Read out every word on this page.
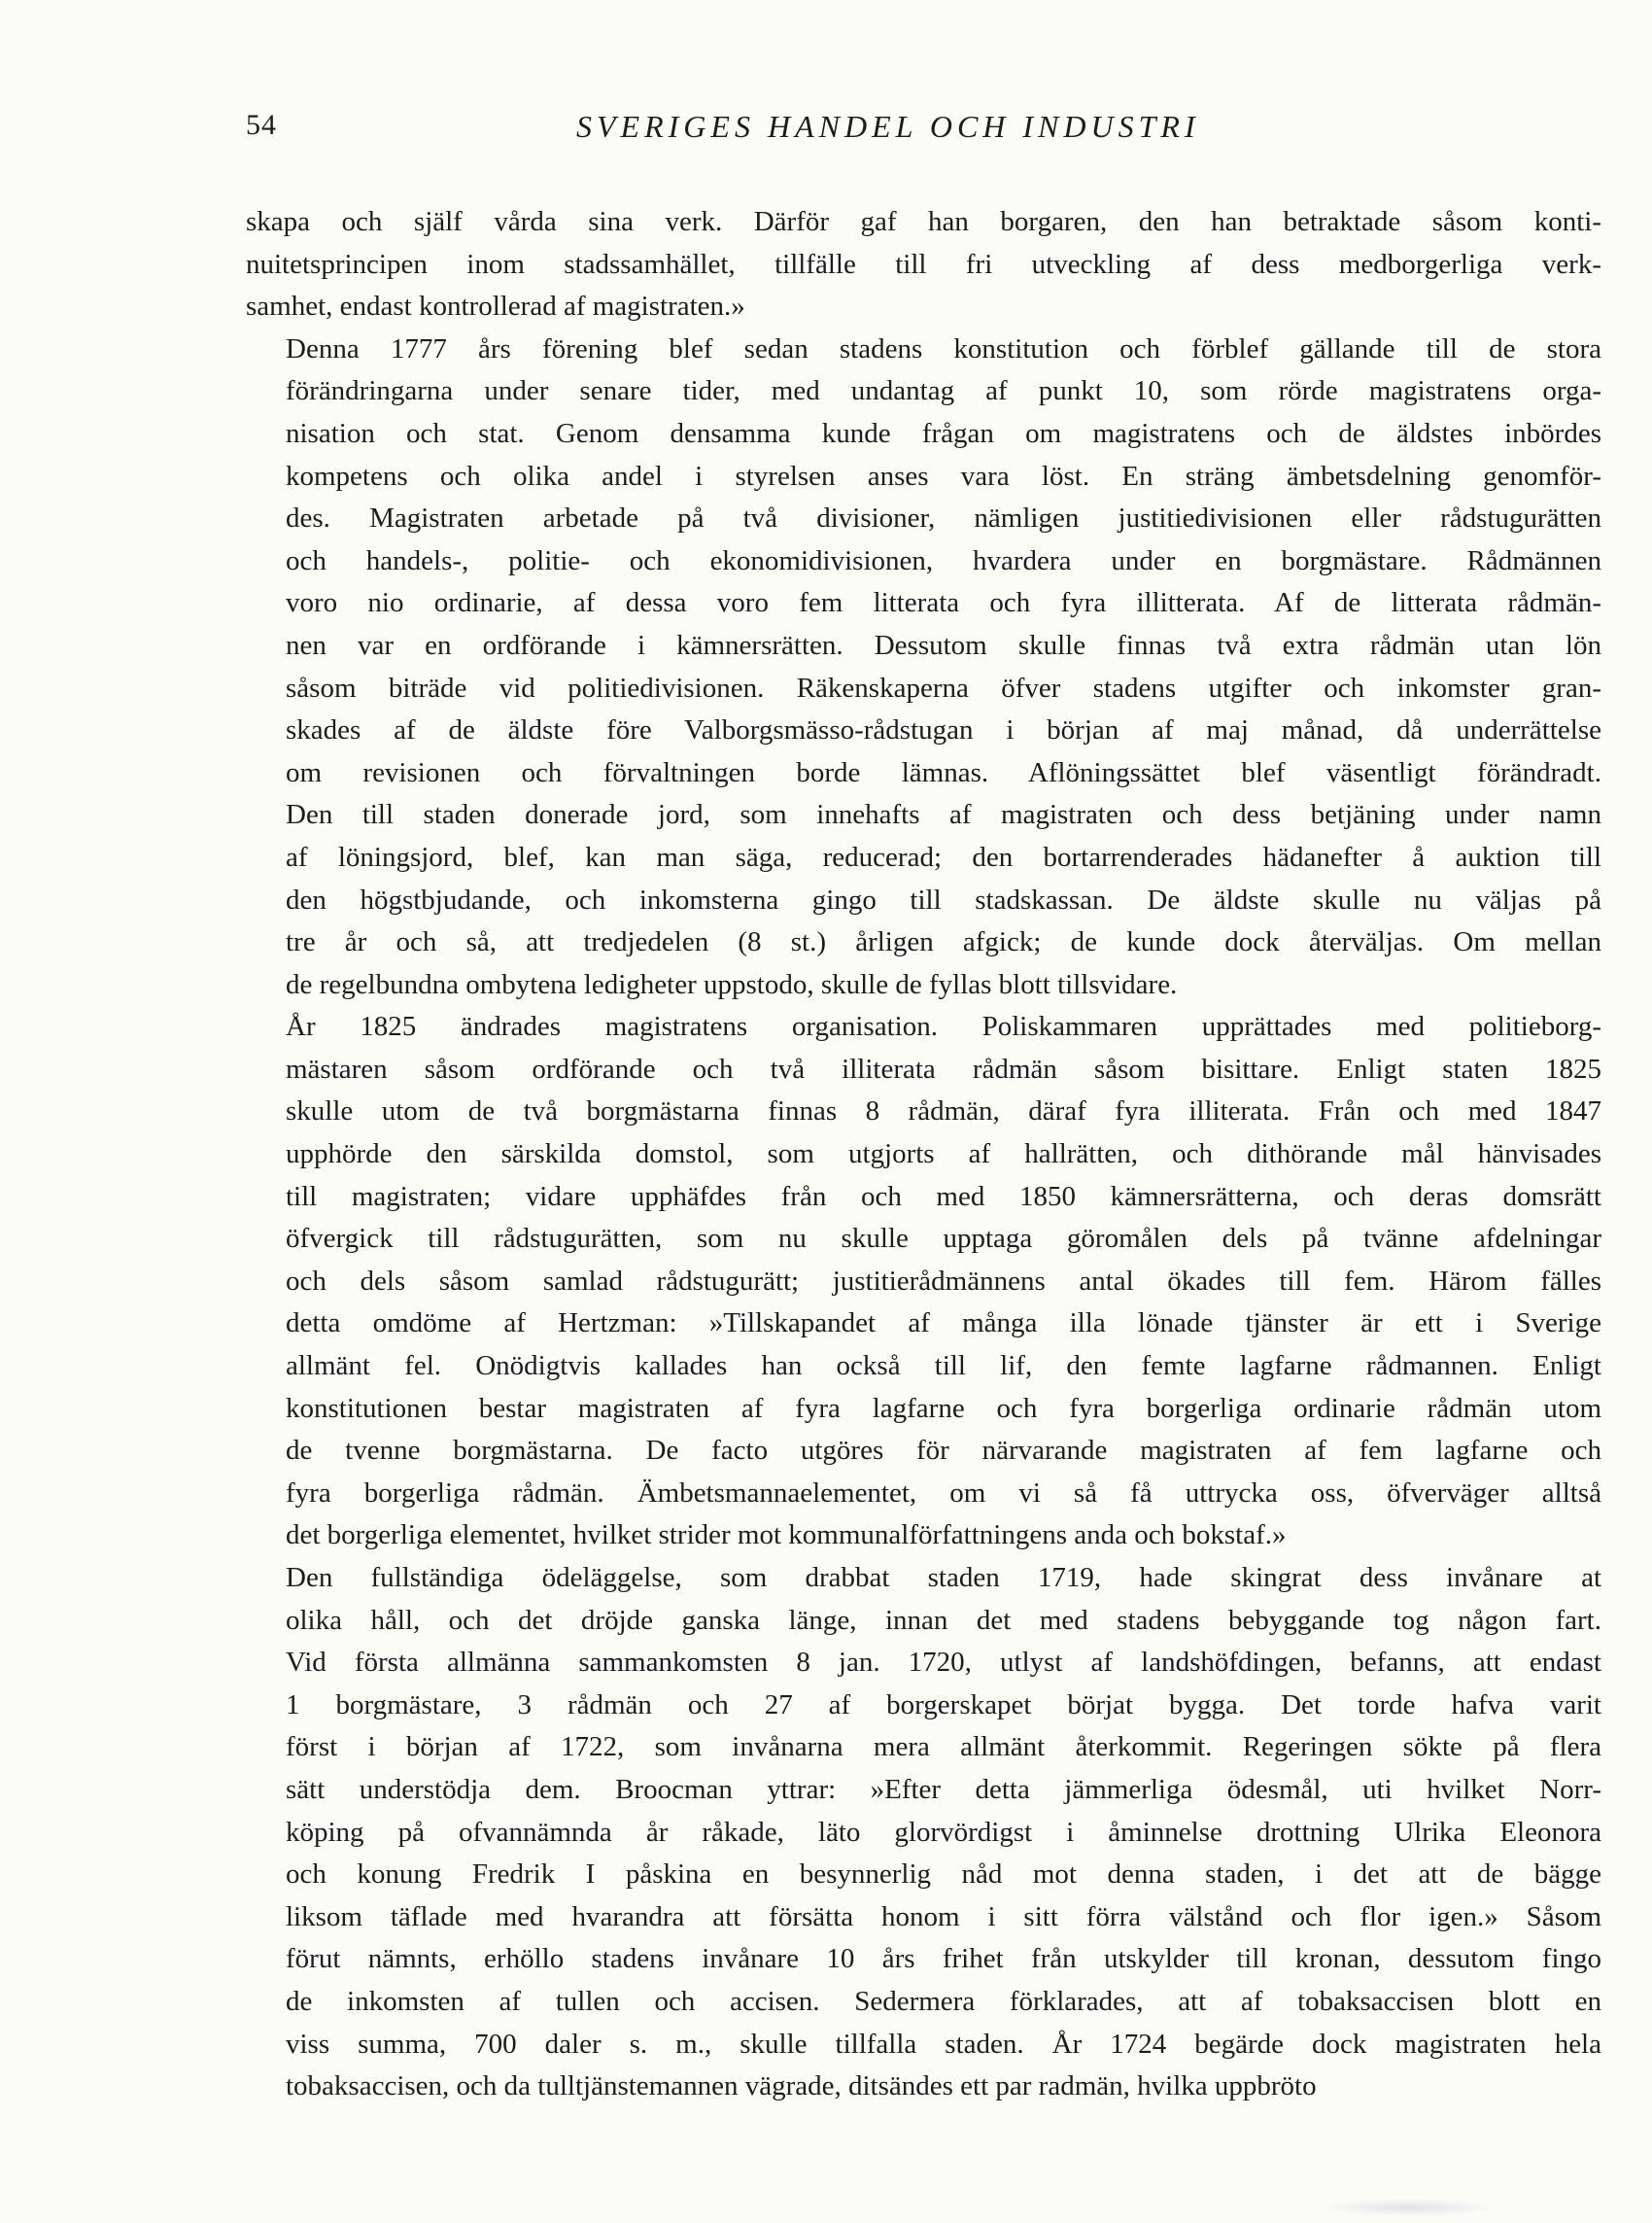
54	SVERIGES HANDEL OCH INDUSTRI

skapa och själf vårda sina verk. Därför gaf han borgaren, den han betraktade såsom konti-
nuitetsprincipen inom stadssamhället, tillfälle till fri utveckling af dess medborgerliga verk-
samhet, endast kontrollerad af magistraten.»

Denna 1777 års förening blef sedan stadens konstitution och förblef gällande till de stora
förändringarna under senare tider, med undantag af punkt 10, som rörde magistratens orga-
nisation och stat. Genom densamma kunde frågan om magistratens och de äldstes inbördes
kompetens och olika andel i styrelsen anses vara löst. En sträng ämbetsdelning genomför-
des. Magistraten arbetade på två divisioner, nämligen justitiedivisionen eller rådstugurätten
och handels-, politie- och ekonomidivisionen, hvardera under en borgmästare. Rådmännen
voro nio ordinarie, af dessa voro fem litterata och fyra illitterata. Af de litterata rådmän-
nen var en ordförande i kämnersrätten. Dessutom skulle finnas två extra rådmän utan lön
såsom biträde vid politiedivisionen. Räkenskaperna öfver stadens utgifter och inkomster gran-
skades af de äldste före Valborgsmässo-rådstugan i början af maj månad, då underrättelse
om revisionen och förvaltningen borde lämnas. Aflöningssättet blef väsentligt förändradt.
Den till staden donerade jord, som innehafts af magistraten och dess betjäning under namn
af löningsjord, blef, kan man säga, reducerad; den bortarrenderades hädanefter å auktion till
den högstbjudande, och inkomsterna gingo till stadskassan. De äldste skulle nu väljas på
tre år och så, att tredjedelen (8 st.) årligen afgick; de kunde dock återväljas. Om mellan
de regelbundna ombytena ledigheter uppstodo, skulle de fyllas blott tillsvidare.

År 1825 ändrades magistratens organisation. Poliskammaren upprättades med politieborg-
mästaren såsom ordförande och två illiterata rådmän såsom bisittare. Enligt staten 1825
skulle utom de två borgmästarna finnas 8 rådmän, däraf fyra illiterata. Från och med 1847
upphörde den särskilda domstol, som utgjorts af hallrätten, och dithörande mål hänvisades
till magistraten; vidare upphäfdes från och med 1850 kämnersrätterna, och deras domsrätt
öfvergick till rådstugurätten, som nu skulle upptaga göromålen dels på tvänne afdelningar
och dels såsom samlad rådstugurätt; justitierådmännens antal ökades till fem. Härom fälles
detta omdöme af Hertzman: »Tillskapandet af många illa lönade tjänster är ett i Sverige
allmänt fel. Onödigtvis kallades han också till lif, den femte lagfarne rådmannen. Enligt
konstitutionen bestar magistraten af fyra lagfarne och fyra borgerliga ordinarie rådmän utom
de tvenne borgmästarna. De facto utgöres för närvarande magistraten af fem lagfarne och
fyra borgerliga rådmän. Ämbetsmannaelementet, om vi så få uttrycka oss, öfverväger alltså
det borgerliga elementet, hvilket strider mot kommunalförfattningens anda och bokstaf.»

Den fullständiga ödeläggelse, som drabbat staden 1719, hade skingrat dess invånare at
olika håll, och det dröjde ganska länge, innan det med stadens bebyggande tog någon fart.
Vid första allmänna sammankomsten 8 jan. 1720, utlyst af landshöfdingen, befanns, att endast
1 borgmästare, 3 rådmän och 27 af borgerskapet börjat bygga. Det torde hafva varit
först i början af 1722, som invånarna mera allmänt återkommit. Regeringen sökte på flera
sätt understödja dem. Broocman yttrar: »Efter detta jämmerliga ödesmål, uti hvilket Norr-
köping på ofvannämnda år råkade, läto glorvördigst i åminnelse drottning Ulrika Eleonora
och konung Fredrik I påskina en besynnerlig nåd mot denna staden, i det att de bägge
liksom täflade med hvarandra att försätta honom i sitt förra välstånd och flor igen.» Såsom
förut nämnts, erhöllo stadens invånare 10 års frihet från utskylder till kronan, dessutom fingo
de inkomsten af tullen och accisen. Sedermera förklarades, att af tobaksaccisen blott en
viss summa, 700 daler s. m., skulle tillfalla staden. År 1724 begärde dock magistraten hela
tobaksaccisen, och da tulltjänstemannen vägrade, ditsändes ett par radmän, hvilka uppbröto
